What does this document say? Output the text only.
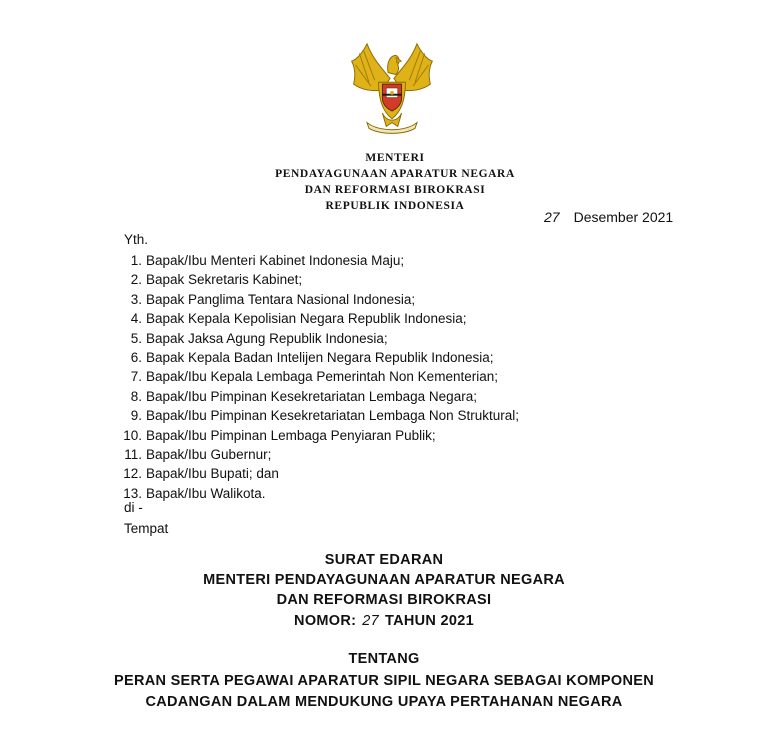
MENTERI
PENDAYAGUNAAN APARATUR NEGARA
DAN REFORMASI BIROKRASI
REPUBLIK INDONESIA
27 Desember 2021
Yth.
1. Bapak/Ibu Menteri Kabinet Indonesia Maju;
2. Bapak Sekretaris Kabinet;
3. Bapak Panglima Tentara Nasional Indonesia;
4. Bapak Kepala Kepolisian Negara Republik Indonesia;
5. Bapak Jaksa Agung Republik Indonesia;
6. Bapak Kepala Badan Intelijen Negara Republik Indonesia;
7. Bapak/Ibu Kepala Lembaga Pemerintah Non Kementerian;
8. Bapak/Ibu Pimpinan Kesekretariatan Lembaga Negara;
9. Bapak/Ibu Pimpinan Kesekretariatan Lembaga Non Struktural;
10. Bapak/Ibu Pimpinan Lembaga Penyiaran Publik;
11. Bapak/Ibu Gubernur;
12. Bapak/Ibu Bupati; dan
13. Bapak/Ibu Walikota.
di -
Tempat
SURAT EDARAN
MENTERI PENDAYAGUNAAN APARATUR NEGARA
DAN REFORMASI BIROKRASI
NOMOR: 27 TAHUN 2021
TENTANG
PERAN SERTA PEGAWAI APARATUR SIPIL NEGARA SEBAGAI KOMPONEN
CADANGAN DALAM MENDUKUNG UPAYA PERTAHANAN NEGARA
